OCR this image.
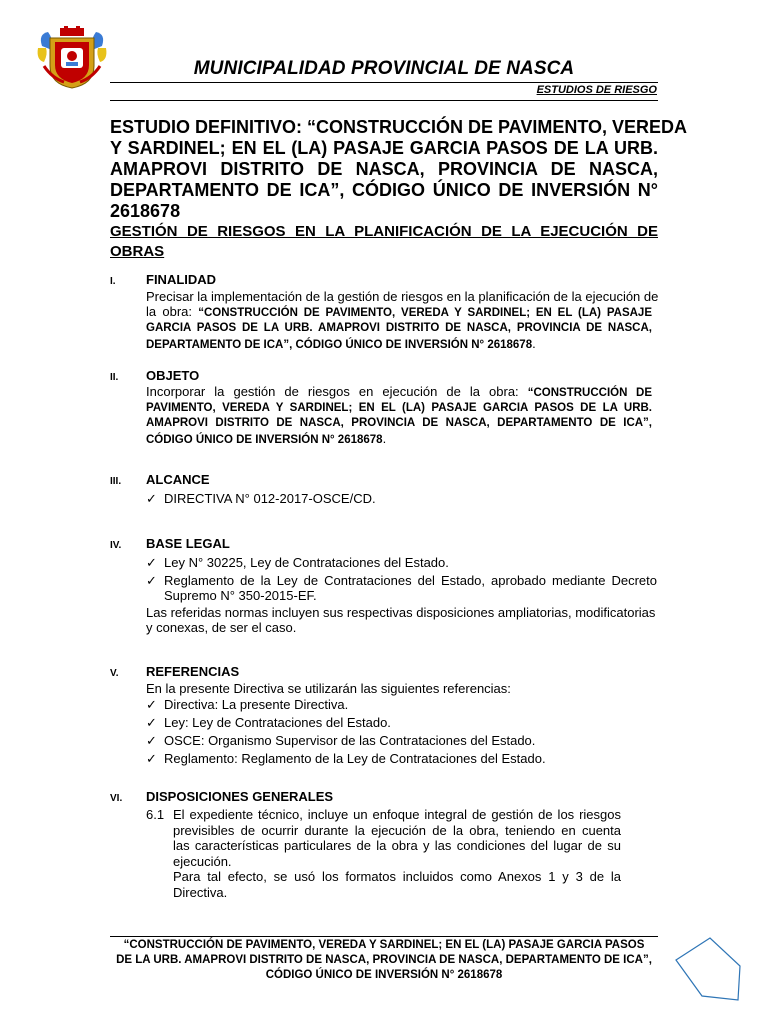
MUNICIPALIDAD PROVINCIAL DE NASCA
ESTUDIOS DE RIESGO
ESTUDIO DEFINITIVO: “CONSTRUCCIÓN DE PAVIMENTO, VEREDA
Y SARDINEL; EN EL (LA) PASAJE GARCIA PASOS DE LA URB.
AMAPROVI DISTRITO DE NASCA, PROVINCIA DE NASCA,
DEPARTAMENTO DE ICA”, CÓDIGO ÚNICO DE INVERSIÓN N°
2618678
GESTIÓN DE RIESGOS EN LA PLANIFICACIÓN DE LA EJECUCIÓN DE
OBRAS
I. FINALIDAD
Precisar la implementación de la gestión de riesgos en la planificación de la ejecución de
la obra: “CONSTRUCCIÓN DE PAVIMENTO, VEREDA Y SARDINEL; EN EL (LA) PASAJE
GARCIA PASOS DE LA URB. AMAPROVI DISTRITO DE NASCA, PROVINCIA DE NASCA,
DEPARTAMENTO DE ICA”, CÓDIGO ÚNICO DE INVERSIÓN N° 2618678.
II. OBJETO
Incorporar la gestión de riesgos en ejecución de la obra: “CONSTRUCCIÓN DE
PAVIMENTO, VEREDA Y SARDINEL; EN EL (LA) PASAJE GARCIA PASOS DE LA URB.
AMAPROVI DISTRITO DE NASCA, PROVINCIA DE NASCA, DEPARTAMENTO DE ICA”,
CÓDIGO ÚNICO DE INVERSIÓN N° 2618678.
III. ALCANCE
✓ DIRECTIVA N° 012-2017-OSCE/CD.
IV. BASE LEGAL
✓ Ley N° 30225, Ley de Contrataciones del Estado.
✓ Reglamento de la Ley de Contrataciones del Estado, aprobado mediante Decreto
Supremo N° 350-2015-EF.
Las referidas normas incluyen sus respectivas disposiciones ampliatorias, modificatorias
y conexas, de ser el caso.
V. REFERENCIAS
En la presente Directiva se utilizarán las siguientes referencias:
✓ Directiva: La presente Directiva.
✓ Ley: Ley de Contrataciones del Estado.
✓ OSCE: Organismo Supervisor de las Contrataciones del Estado.
✓ Reglamento: Reglamento de la Ley de Contrataciones del Estado.
VI. DISPOSICIONES GENERALES
6.1 El expediente técnico, incluye un enfoque integral de gestión de los riesgos
previsibles de ocurrir durante la ejecución de la obra, teniendo en cuenta
las características particulares de la obra y las condiciones del lugar de su
ejecución.
Para tal efecto, se usó los formatos incluidos como Anexos 1 y 3 de la
Directiva.
“CONSTRUCCIÓN DE PAVIMENTO, VEREDA Y SARDINEL; EN EL (LA) PASAJE GARCIA PASOS
DE LA URB. AMAPROVI DISTRITO DE NASCA, PROVINCIA DE NASCA, DEPARTAMENTO DE ICA”,
CÓDIGO ÚNICO DE INVERSIÓN N° 2618678
